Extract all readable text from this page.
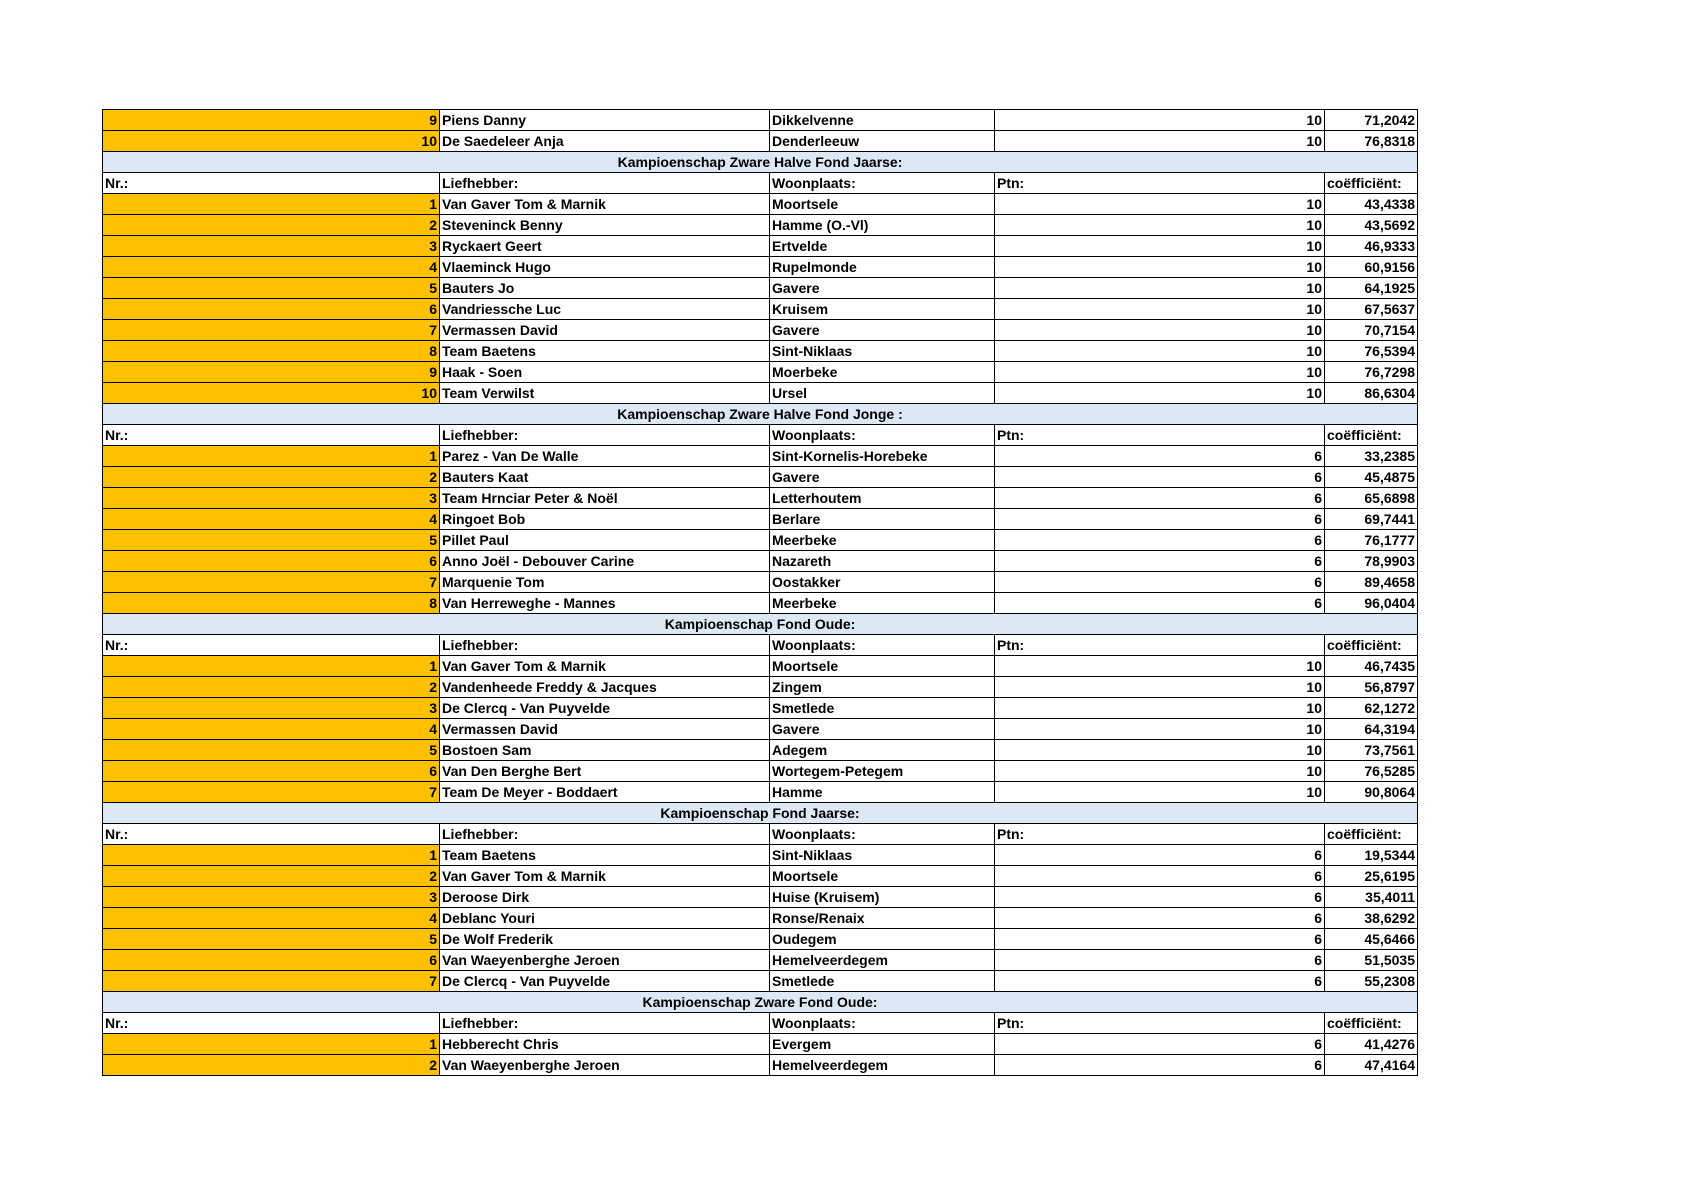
9	Piens Danny	Dikkelvenne	10	71,2042
10	De Saedeleer Anja	Denderleeuw	10	76,8318
Kampioenschap Zware Halve Fond Jaarse:				
Nr.:	Liefhebber:	Woonplaats:	Ptn:	coëfficiënt:
1	Van Gaver Tom & Marnik	Moortsele	10	43,4338
2	Steveninck Benny	Hamme (O.-Vl)	10	43,5692
3	Ryckaert Geert	Ertvelde	10	46,9333
4	Vlaeminck Hugo	Rupelmonde	10	60,9156
5	Bauters Jo	Gavere	10	64,1925
6	Vandriessche Luc	Kruisem	10	67,5637
7	Vermassen David	Gavere	10	70,7154
8	Team Baetens	Sint-Niklaas	10	76,5394
9	Haak - Soen	Moerbeke	10	76,7298
10	Team Verwilst	Ursel	10	86,6304
Kampioenschap Zware Halve Fond Jonge :				
Nr.:	Liefhebber:	Woonplaats:	Ptn:	coëfficiënt:
1	Parez - Van De Walle	Sint-Kornelis-Horebeke	6	33,2385
2	Bauters Kaat	Gavere	6	45,4875
3	Team Hrnciar Peter & Noël	Letterhoutem	6	65,6898
4	Ringoet Bob	Berlare	6	69,7441
5	Pillet Paul	Meerbeke	6	76,1777
6	Anno Joël - Debouver Carine	Nazareth	6	78,9903
7	Marquenie Tom	Oostakker	6	89,4658
8	Van Herreweghe - Mannes	Meerbeke	6	96,0404
Kampioenschap Fond Oude:				
Nr.:	Liefhebber:	Woonplaats:	Ptn:	coëfficiënt:
1	Van Gaver Tom & Marnik	Moortsele	10	46,7435
2	Vandenheede Freddy & Jacques	Zingem	10	56,8797
3	De Clercq - Van Puyvelde	Smetlede	10	62,1272
4	Vermassen David	Gavere	10	64,3194
5	Bostoen Sam	Adegem	10	73,7561
6	Van Den Berghe Bert	Wortegem-Petegem	10	76,5285
7	Team De Meyer - Boddaert	Hamme	10	90,8064
Kampioenschap Fond Jaarse:				
Nr.:	Liefhebber:	Woonplaats:	Ptn:	coëfficiënt:
1	Team Baetens	Sint-Niklaas	6	19,5344
2	Van Gaver Tom & Marnik	Moortsele	6	25,6195
3	Deroose Dirk	Huise (Kruisem)	6	35,4011
4	Deblanc Youri	Ronse/Renaix	6	38,6292
5	De Wolf Frederik	Oudegem	6	45,6466
6	Van Waeyenberghe Jeroen	Hemelveerdegem	6	51,5035
7	De Clercq - Van Puyvelde	Smetlede	6	55,2308
Kampioenschap Zware Fond Oude:				
Nr.:	Liefhebber:	Woonplaats:	Ptn:	coëfficiënt:
1	Hebberecht Chris	Evergem	6	41,4276
2	Van Waeyenberghe Jeroen	Hemelveerdegem	6	47,4164
